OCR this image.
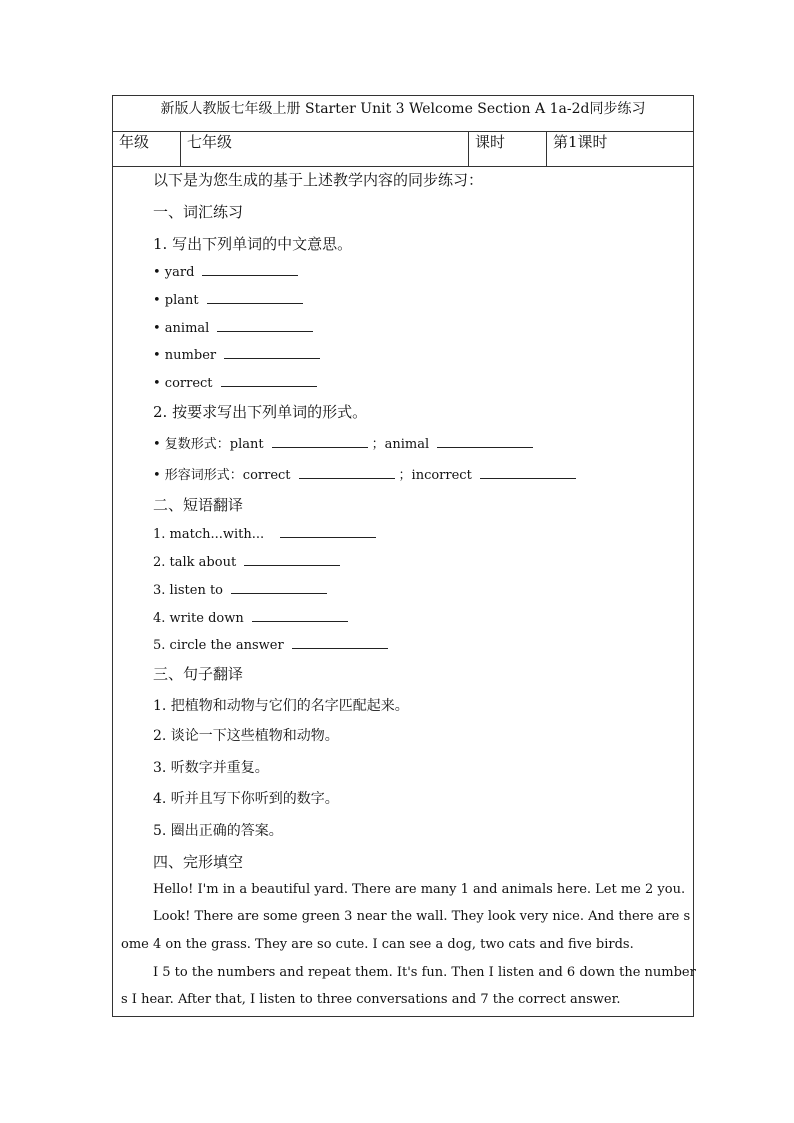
新版人教版七年级上册 Starter Unit 3 Welcome Section A 1a-2d同步练习
年级	七年级	课时	第1课时
以下是为您生成的基于上述教学内容的同步练习：
一、词汇练习
1. 写出下列单词的中文意思。
• yard
• plant
• animal
• number
• correct
2. 按要求写出下列单词的形式。
• 复数形式：plant	；animal
• 形容词形式：correct	；incorrect
二、短语翻译
1. match...with...
2. talk about
3. listen to
4. write down
5. circle the answer
三、句子翻译
1. 把植物和动物与它们的名字匹配起来。
2. 谈论一下这些植物和动物。
3. 听数字并重复。
4. 听并且写下你听到的数字。
5. 圈出正确的答案。
四、完形填空
Hello! I'm in a beautiful yard. There are many 1 and animals here. Let me 2 you.
Look! There are some green 3 near the wall. They look very nice. And there are s
ome 4 on the grass. They are so cute. I can see a dog, two cats and five birds.
I 5 to the numbers and repeat them. It's fun. Then I listen and 6 down the number
s I hear. After that, I listen to three conversations and 7 the correct answer.
